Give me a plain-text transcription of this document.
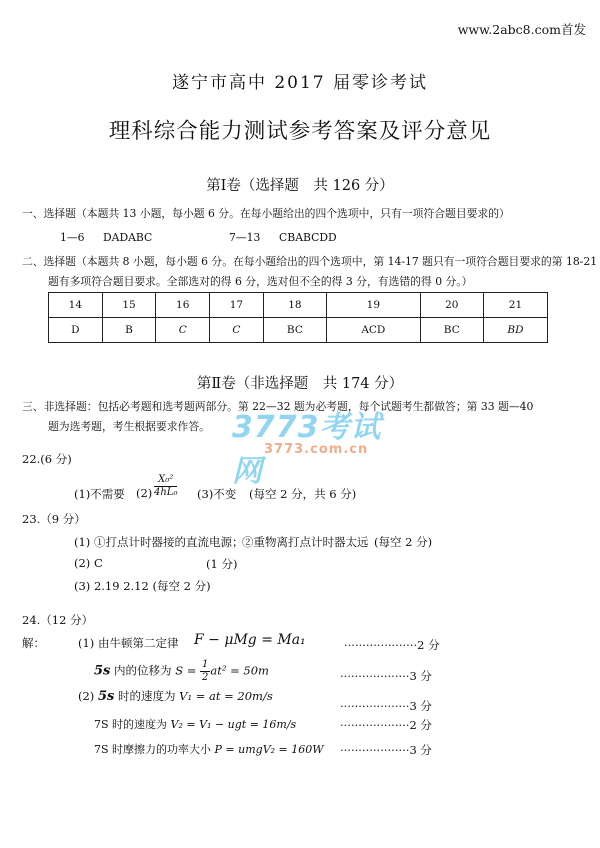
www.2abc8.com首发
遂宁市高中 2017 届零诊考试
理科综合能力测试参考答案及评分意见
第Ⅰ卷（选择题　共 126 分）
一、选择题（本题共 13 小题，每小题 6 分。在每小题给出的四个选项中，只有一项符合题目要求的）
1—6 DADABC	7—13 CBABCDD
二、选择题（本题共 8 小题，每小题 6 分。在每小题给出的四个选项中，第 14-17 题只有一项符合题目要求的第 18-21
题有多项符合题目要求。全部选对的得 6 分，选对但不全的得 3 分，有选错的得 0 分。）
14	15	16	17	18	19	20	21
D	B	C	C	BC	ACD	BC	BD
第Ⅱ卷（非选择题　共 174 分）
三、非选择题：包括必考题和选考题两部分。第 22—32 题为必考题，每个试题考生都做答；第 33 题—40
题为选考题，考生根据要求作答。 3773考试网
3773.com.cn
22.(6 分)
(1)不需要 $(2) \frac{\text{X₀²}}{\text{4hL₀}} (3)$不变 (每空 2 分，共 6 分)
23.（9 分）
(1) ①打点计时器接的直流电源；
②重物离打点计时器太远 (每空 2 分)
(2) C	(1 分)
(3) 2.19 2.12 (每空 2 分)
24.（12 分）
解：	(1) 由牛顿第二定律 F − μMg = Ma₁	····················2 分
5s 内的位移为 $S = \frac{1}{2} at^2 = 50m$	···················3 分
(2) 5s 时的速度为 V₁ = at = 20m/s
···················3 分
7S 时的速度为 V₂ = V₁ − ugt = 16m/s	···················2 分
7S 时摩擦力的功率大小 P = umgV₂ = 160W ···················3 分
